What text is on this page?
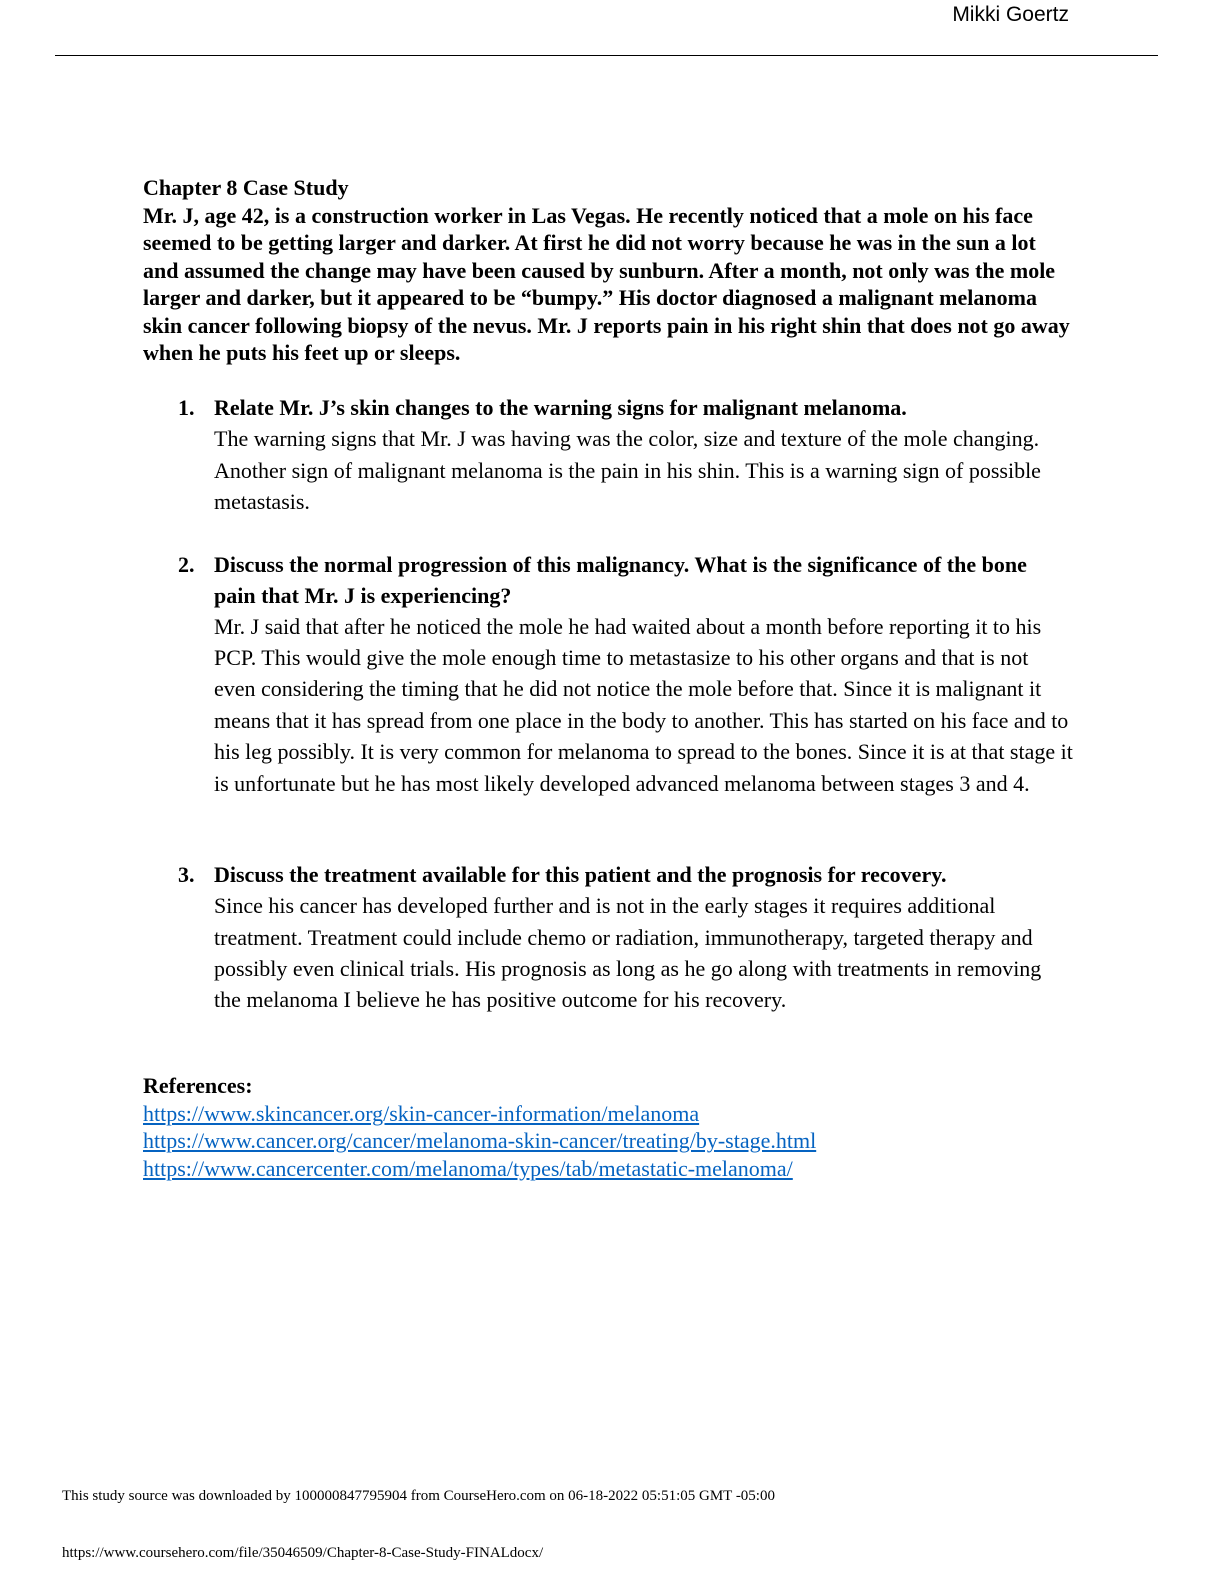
Mikki Goertz
Chapter 8 Case Study

Mr. J, age 42, is a construction worker in Las Vegas. He recently noticed that a mole on his face seemed to be getting larger and darker. At first he did not worry because he was in the sun a lot and assumed the change may have been caused by sunburn. After a month, not only was the mole larger and darker, but it appeared to be “bumpy.” His doctor diagnosed a malignant melanoma skin cancer following biopsy of the nevus. Mr. J reports pain in his right shin that does not go away when he puts his feet up or sleeps.

1. Relate Mr. J’s skin changes to the warning signs for malignant melanoma.
The warning signs that Mr. J was having was the color, size and texture of the mole changing. Another sign of malignant melanoma is the pain in his shin. This is a warning sign of possible metastasis.
2. Discuss the normal progression of this malignancy. What is the significance of the bone pain that Mr. J is experiencing?
Mr. J said that after he noticed the mole he had waited about a month before reporting it to his PCP. This would give the mole enough time to metastasize to his other organs and that is not even considering the timing that he did not notice the mole before that. Since it is malignant it means that it has spread from one place in the body to another. This has started on his face and to his leg possibly. It is very common for melanoma to spread to the bones. Since it is at that stage it is unfortunate but he has most likely developed advanced melanoma between stages 3 and 4.
3. Discuss the treatment available for this patient and the prognosis for recovery.
Since his cancer has developed further and is not in the early stages it requires additional treatment. Treatment could include chemo or radiation, immunotherapy, targeted therapy and possibly even clinical trials. His prognosis as long as he go along with treatments in removing the melanoma I believe he has positive outcome for his recovery.
References:
https://www.skincancer.org/skin-cancer-information/melanoma
https://www.cancer.org/cancer/melanoma-skin-cancer/treating/by-stage.html
https://www.cancercenter.com/melanoma/types/tab/metastatic-melanoma/
This study source was downloaded by 100000847795904 from CourseHero.com on 06-18-2022 05:51:05 GMT -05:00
https://www.coursehero.com/file/35046509/Chapter-8-Case-Study-FINALdocx/
